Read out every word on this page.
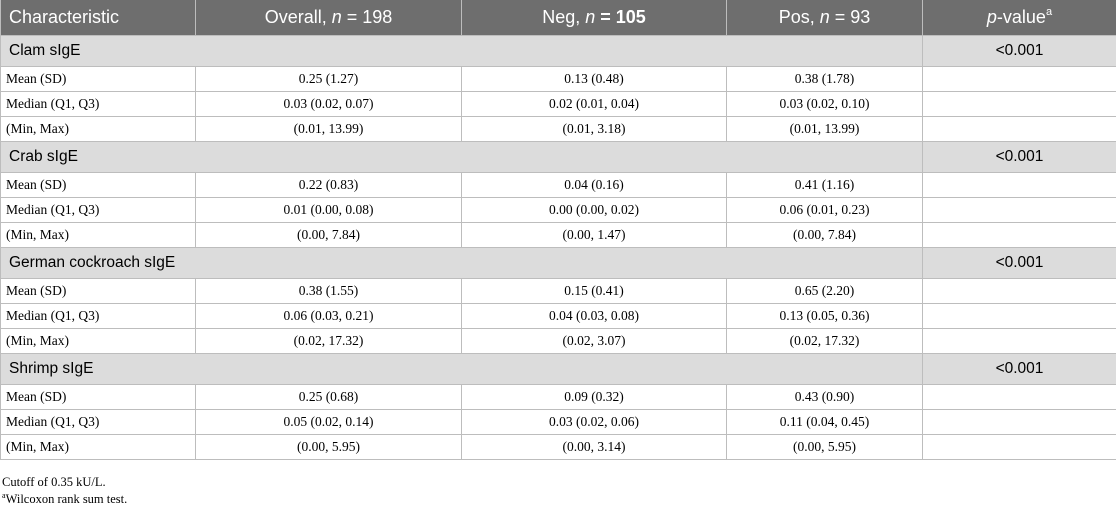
Characteristic	Overall, n = 198	Neg, n = 105	Pos, n = 93	p-value$^a$
Clam sIgE				<0.001
Mean (SD)	0.25 (1.27)	0.13 (0.48)	0.38 (1.78)	
Median (Q1, Q3)	0.03 (0.02, 0.07)	0.02 (0.01, 0.04)	0.03 (0.02, 0.10)	
(Min, Max)	(0.01, 13.99)	(0.01, 3.18)	(0.01, 13.99)	
Crab sIgE				<0.001
Mean (SD)	0.22 (0.83)	0.04 (0.16)	0.41 (1.16)	
Median (Q1, Q3)	0.01 (0.00, 0.08)	0.00 (0.00, 0.02)	0.06 (0.01, 0.23)	
(Min, Max)	(0.00, 7.84)	(0.00, 1.47)	(0.00, 7.84)	
German cockroach sIgE				<0.001
Mean (SD)	0.38 (1.55)	0.15 (0.41)	0.65 (2.20)	
Median (Q1, Q3)	0.06 (0.03, 0.21)	0.04 (0.03, 0.08)	0.13 (0.05, 0.36)	
(Min, Max)	(0.02, 17.32)	(0.02, 3.07)	(0.02, 17.32)	
Shrimp sIgE				<0.001
Mean (SD)	0.25 (0.68)	0.09 (0.32)	0.43 (0.90)	
Median (Q1, Q3)	0.05 (0.02, 0.14)	0.03 (0.02, 0.06)	0.11 (0.04, 0.45)	
(Min, Max)	(0.00, 5.95)	(0.00, 3.14)	(0.00, 5.95)	
Cutoff of 0.35 kU/L.
$^a$Wilcoxon rank sum test.
